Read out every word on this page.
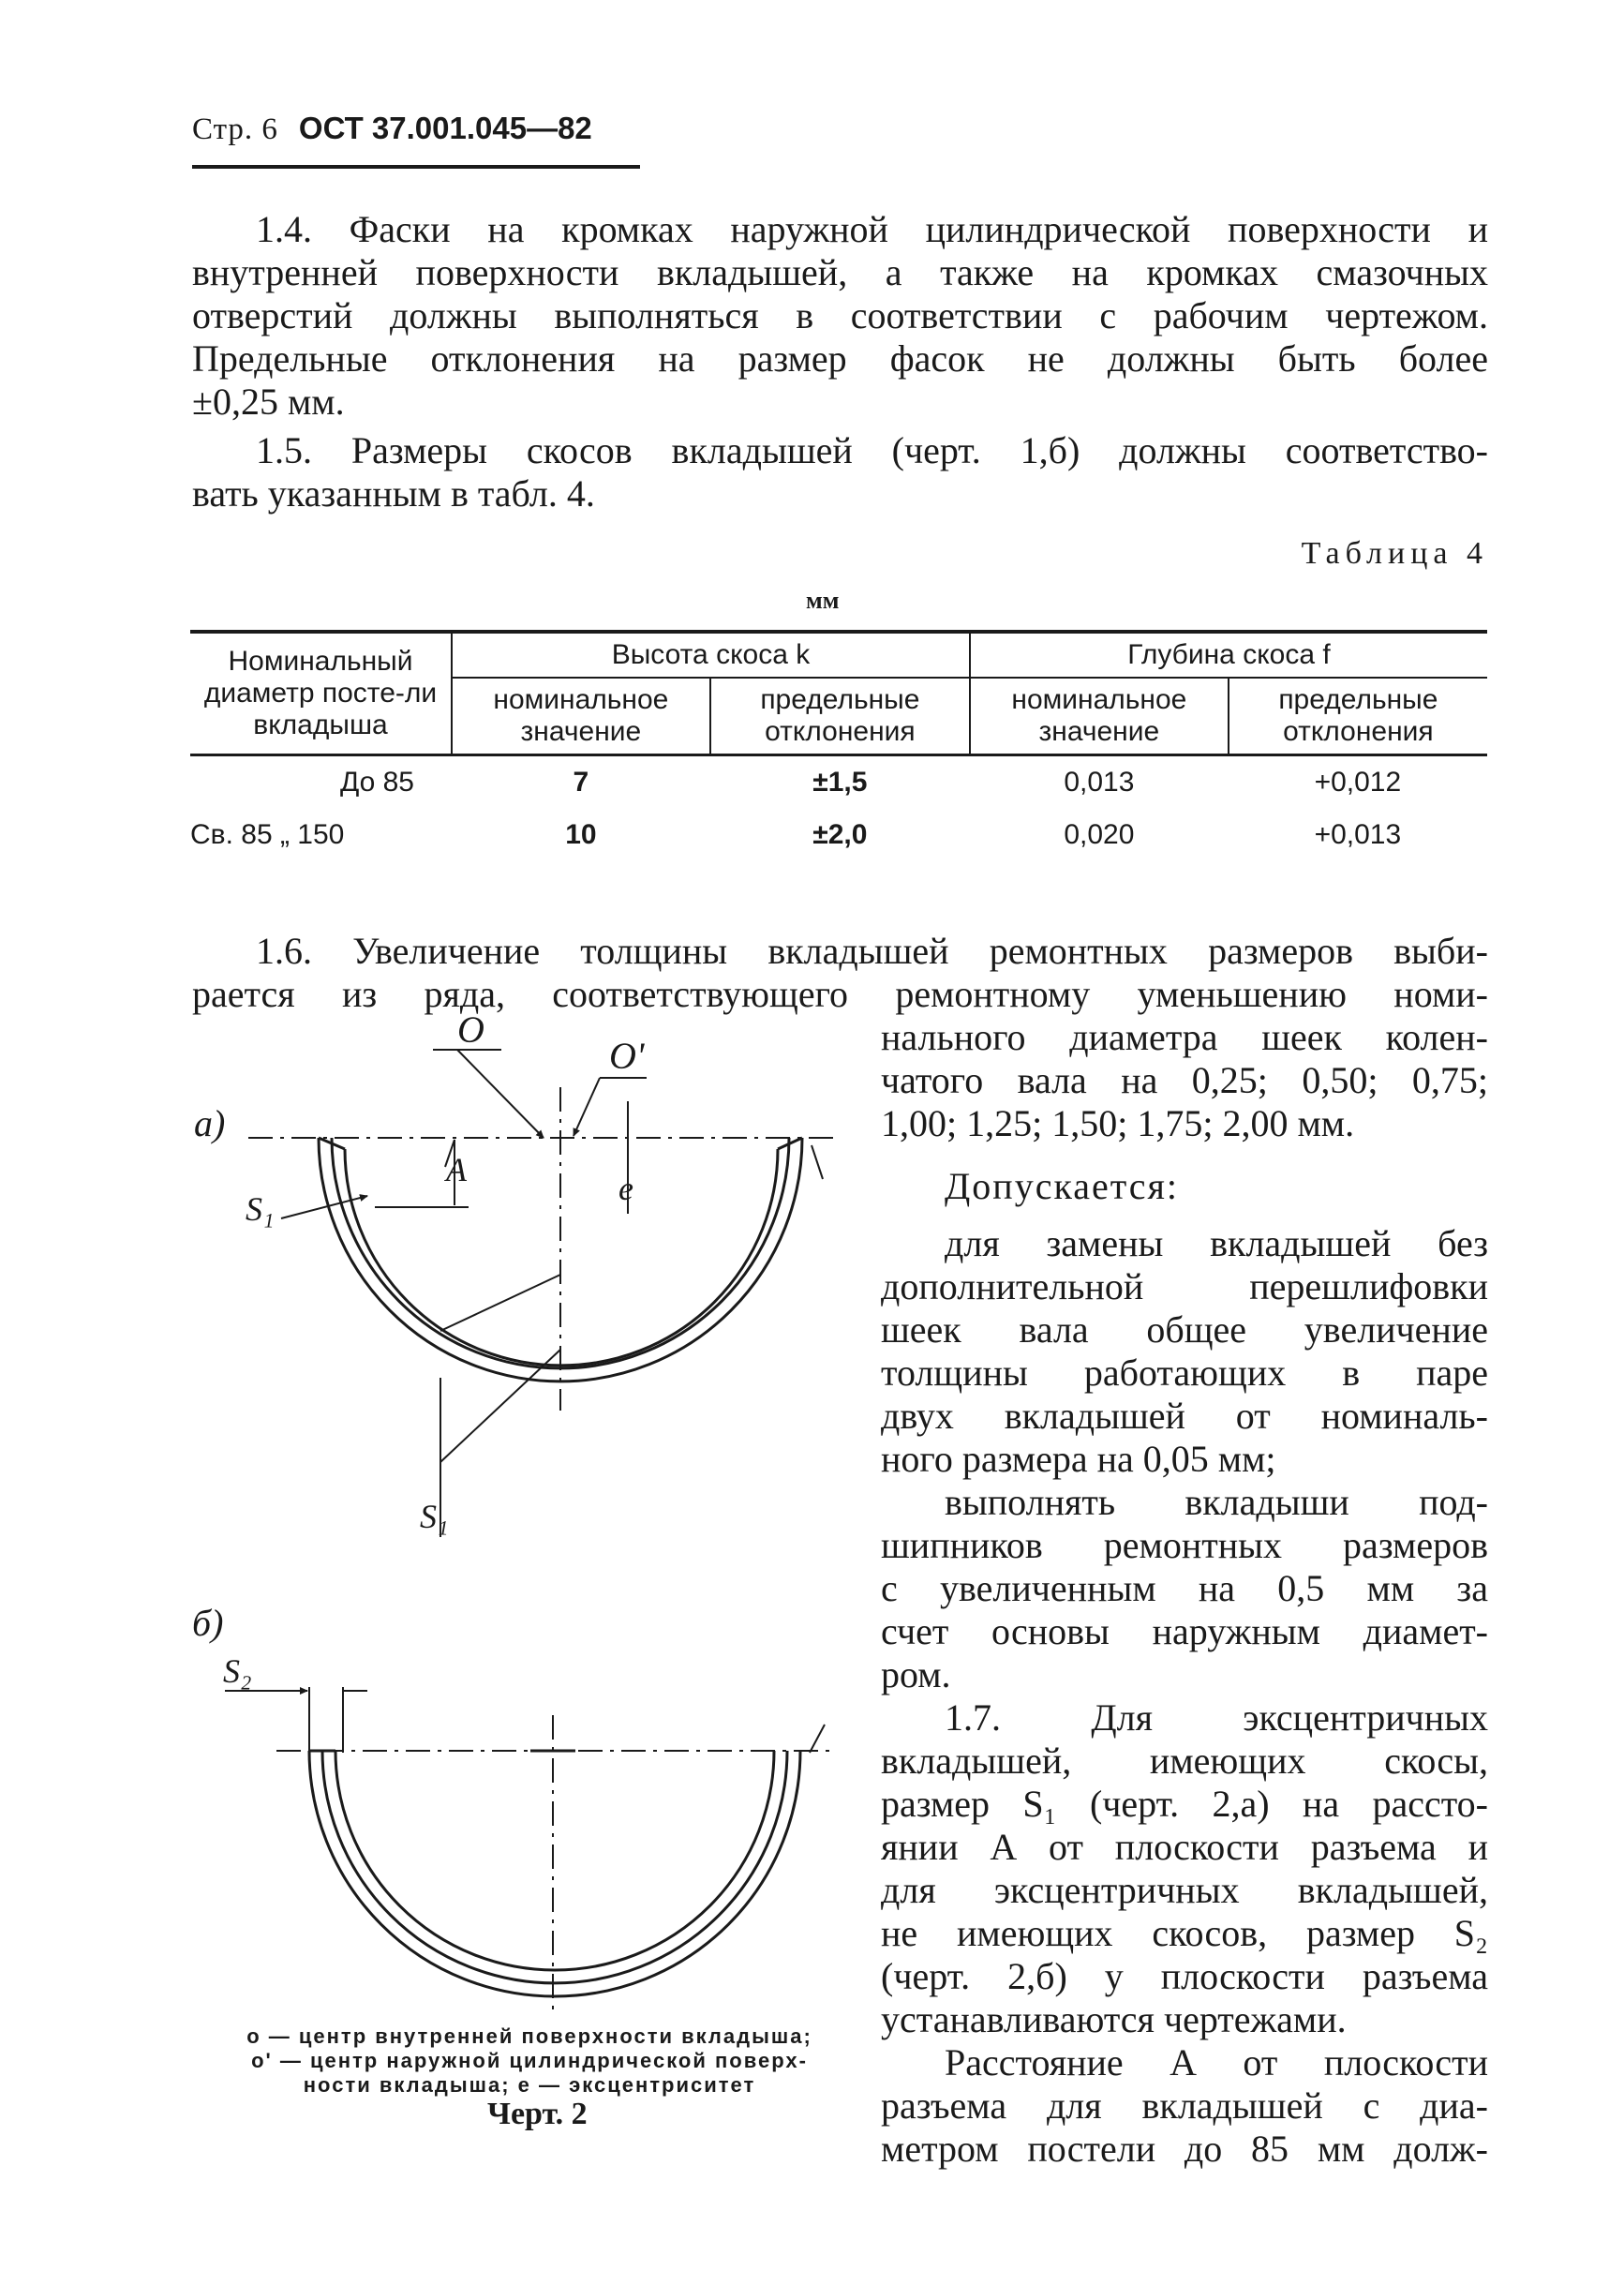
Стр. 6 ОСТ 37.001.045—82

1.4. Фаски на кромках наружной цилиндрической поверхности и

внутренней поверхности вкладышей, а также на кромках смазочных

отверстий должны выполняться в соответствии с рабочим чертежом.

Предельные отклонения на размер фасок не должны быть более

±0,25 мм.

1.5. Размеры скосов вкладышей (черт. 1,б) должны соответство-

вать указанным в табл. 4.

Таблица 4
мм
Номинальный диаметр посте-ли вкладыша	Высота скоса k		Глубина скоса f	
	номинальное значение	предельные отклонения	номинальное значение	предельные отклонения
До 85	7	±1,5	0,013	+0,012
Св. 85 „ 150	10	±2,0	0,020	+0,013

1.6. Увеличение толщины вкладышей ремонтных размеров выби-

рается из ряда, соответствующего ремонтному уменьшению номи-

нального диаметра шеек колен-

чатого вала на 0,25; 0,50; 0,75;

1,00; 1,25; 1,50; 1,75; 2,00 мм.

Допускается:

для замены вкладышей без

дополнительной перешлифовки

шеек вала общее увеличение

толщины работающих в паре

двух вкладышей от номиналь-

ного размера на 0,05 мм;

выполнять вкладыши под-

шипников ремонтных размеров

с увеличенным на 0,5 мм за

счет основы наружным диамет-

ром.

1.7. Для эксцентричных

вкладышей, имеющих скосы,

размер S₁ (черт. 2,а) на рассто-

янии А от плоскости разъема и

для эксцентричных вкладышей,

не имеющих скосов, размер S₂

(черт. 2,б) у плоскости разъема

устанавливаются чертежами.

Расстояние А от плоскости

разъема для вкладышей с диа-

метром постели до 85 мм долж-

а)
б)
О
О'
А	е
S₁
S₁
S₂
о — центр внутренней поверхности вкладыша;
о' — центр наружной цилиндрической поверх-
ности вкладыша; е — эксцентриситет
Черт. 2
